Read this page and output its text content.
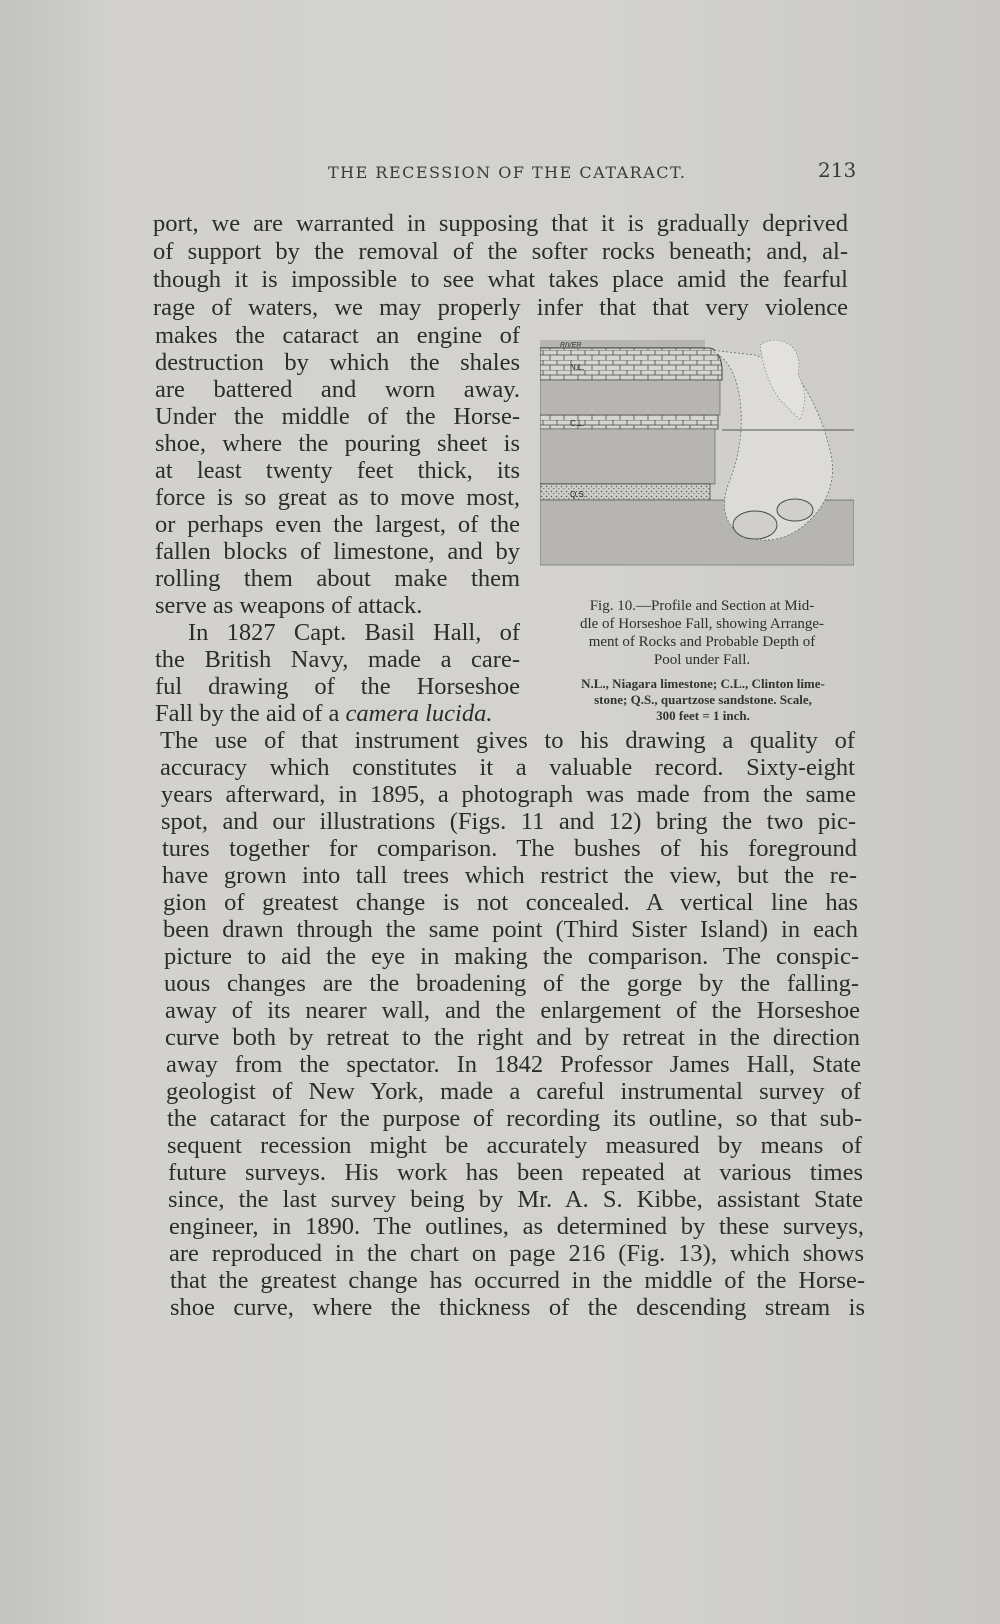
THE RECESSION OF THE CATARACT.	213
port, we are warranted in supposing that it is gradually deprived
of support by the removal of the softer rocks beneath; and, al-
though it is impossible to see what takes place amid the fearful
rage of waters, we may properly infer that that very violence
makes the cataract an engine of
destruction by which the shales
are battered and worn away.
Under the middle of the Horse-
shoe, where the pouring sheet is
at least twenty feet thick, its
force is so great as to move most,
or perhaps even the largest, of the
fallen blocks of limestone, and by
rolling them about make them
serve as weapons of attack.
In 1827 Capt. Basil Hall, of
the British Navy, made a care-
ful drawing of the Horseshoe
Fall by the aid of a camera lucida.
The use of that instrument gives to his drawing a quality of
accuracy which constitutes it a valuable record. Sixty-eight
years afterward, in 1895, a photograph was made from the same
spot, and our illustrations (Figs. 11 and 12) bring the two pic-
tures together for comparison. The bushes of his foreground
have grown into tall trees which restrict the view, but the re-
gion of greatest change is not concealed. A vertical line has
been drawn through the same point (Third Sister Island) in each
picture to aid the eye in making the comparison. The conspic-
uous changes are the broadening of the gorge by the falling-
away of its nearer wall, and the enlargement of the Horseshoe
curve both by retreat to the right and by retreat in the direction
away from the spectator. In 1842 Professor James Hall, State
geologist of New York, made a careful instrumental survey of
the cataract for the purpose of recording its outline, so that sub-
sequent recession might be accurately measured by means of
future surveys. His work has been repeated at various times
since, the last survey being by Mr. A. S. Kibbe, assistant State
engineer, in 1890. The outlines, as determined by these surveys,
are reproduced in the chart on page 216 (Fig. 13), which shows
that the greatest change has occurred in the middle of the Horse-
shoe curve, where the thickness of the descending stream is
RIVER
N.L.
C.L.
Q.S.
Fig. 10.—Profile and Section at Mid-
dle of Horseshoe Fall, showing Arrange-
ment of Rocks and Probable Depth of
Pool under Fall.
N.L., Niagara limestone; C.L., Clinton lime-
stone; Q.S., quartzose sandstone. Scale,
300 feet = 1 inch.
